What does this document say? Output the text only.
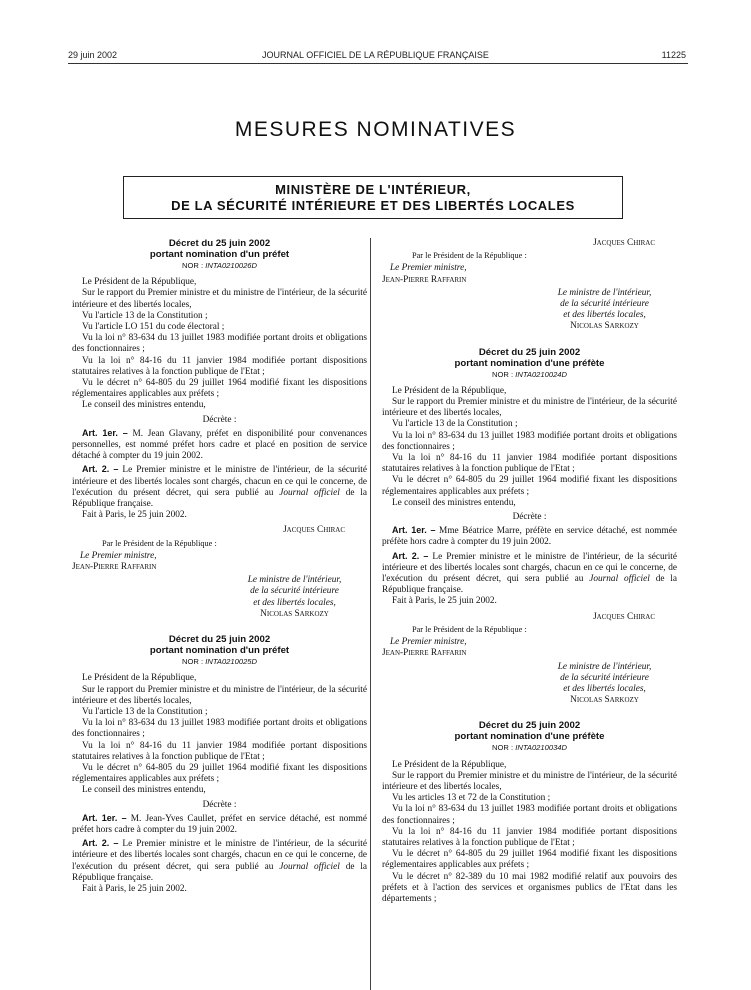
29 juin 2002	JOURNAL OFFICIEL DE LA RÉPUBLIQUE FRANÇAISE	11225
MESURES NOMINATIVES
MINISTÈRE DE L'INTÉRIEUR,
DE LA SÉCURITÉ INTÉRIEURE ET DES LIBERTÉS LOCALES
Décret du 25 juin 2002
portant nomination d'un préfet
NOR : INTA0210026D

Le Président de la République,

Sur le rapport du Premier ministre et du ministre de l'intérieur, de la sécurité intérieure et des libertés locales,

Vu l'article 13 de la Constitution ;

Vu l'article LO 151 du code électoral ;

Vu la loi n° 83-634 du 13 juillet 1983 modifiée portant droits et obligations des fonctionnaires ;

Vu la loi n° 84-16 du 11 janvier 1984 modifiée portant dispositions statutaires relatives à la fonction publique de l'Etat ;

Vu le décret n° 64-805 du 29 juillet 1964 modifié fixant les dispositions réglementaires applicables aux préfets ;

Le conseil des ministres entendu,

Décrète :

Art. 1er. – M. Jean Glavany, préfet en disponibilité pour convenances personnelles, est nommé préfet hors cadre et placé en position de service détaché à compter du 19 juin 2002.

Art. 2. – Le Premier ministre et le ministre de l'intérieur, de la sécurité intérieure et des libertés locales sont chargés, chacun en ce qui le concerne, de l'exécution du présent décret, qui sera publié au Journal officiel de la République française.

Fait à Paris, le 25 juin 2002.

Jacques Chirac
Par le Président de la République :
Le Premier ministre,
Jean-Pierre Raffarin
Le ministre de l'intérieur,
de la sécurité intérieure
et des libertés locales,
Nicolas Sarkozy
Décret du 25 juin 2002
portant nomination d'un préfet
NOR : INTA0210025D

Le Président de la République,

Sur le rapport du Premier ministre et du ministre de l'intérieur, de la sécurité intérieure et des libertés locales,

Vu l'article 13 de la Constitution ;

Vu la loi n° 83-634 du 13 juillet 1983 modifiée portant droits et obligations des fonctionnaires ;

Vu la loi n° 84-16 du 11 janvier 1984 modifiée portant dispositions statutaires relatives à la fonction publique de l'Etat ;

Vu le décret n° 64-805 du 29 juillet 1964 modifié fixant les dispositions réglementaires applicables aux préfets ;

Le conseil des ministres entendu,

Décrète :

Art. 1er. – M. Jean-Yves Caullet, préfet en service détaché, est nommé préfet hors cadre à compter du 19 juin 2002.

Art. 2. – Le Premier ministre et le ministre de l'intérieur, de la sécurité intérieure et des libertés locales sont chargés, chacun en ce qui le concerne, de l'exécution du présent décret, qui sera publié au Journal officiel de la République française.

Fait à Paris, le 25 juin 2002.

Jacques Chirac
Par le Président de la République :
Le Premier ministre,
Jean-Pierre Raffarin
Le ministre de l'intérieur,
de la sécurité intérieure
et des libertés locales,
Nicolas Sarkozy
Décret du 25 juin 2002
portant nomination d'une préfète
NOR : INTA0210024D

Le Président de la République,

Sur le rapport du Premier ministre et du ministre de l'intérieur, de la sécurité intérieure et des libertés locales,

Vu l'article 13 de la Constitution ;

Vu la loi n° 83-634 du 13 juillet 1983 modifiée portant droits et obligations des fonctionnaires ;

Vu la loi n° 84-16 du 11 janvier 1984 modifiée portant dispositions statutaires relatives à la fonction publique de l'Etat ;

Vu le décret n° 64-805 du 29 juillet 1964 modifié fixant les dispositions réglementaires applicables aux préfets ;

Le conseil des ministres entendu,

Décrète :

Art. 1er. – Mme Béatrice Marre, préfète en service détaché, est nommée préfète hors cadre à compter du 19 juin 2002.

Art. 2. – Le Premier ministre et le ministre de l'intérieur, de la sécurité intérieure et des libertés locales sont chargés, chacun en ce qui le concerne, de l'exécution du présent décret, qui sera publié au Journal officiel de la République française.

Fait à Paris, le 25 juin 2002.

Jacques Chirac
Par le Président de la République :
Le Premier ministre,
Jean-Pierre Raffarin
Le ministre de l'intérieur,
de la sécurité intérieure
et des libertés locales,
Nicolas Sarkozy
Décret du 25 juin 2002
portant nomination d'une préfète
NOR : INTA0210034D

Le Président de la République,

Sur le rapport du Premier ministre et du ministre de l'intérieur, de la sécurité intérieure et des libertés locales,

Vu les articles 13 et 72 de la Constitution ;

Vu la loi n° 83-634 du 13 juillet 1983 modifiée portant droits et obligations des fonctionnaires ;

Vu la loi n° 84-16 du 11 janvier 1984 modifiée portant dispositions statutaires relatives à la fonction publique de l'Etat ;

Vu le décret n° 64-805 du 29 juillet 1964 modifié fixant les dispositions réglementaires applicables aux préfets ;

Vu le décret n° 82-389 du 10 mai 1982 modifié relatif aux pouvoirs des préfets et à l'action des services et organismes publics de l'Etat dans les départements ;
